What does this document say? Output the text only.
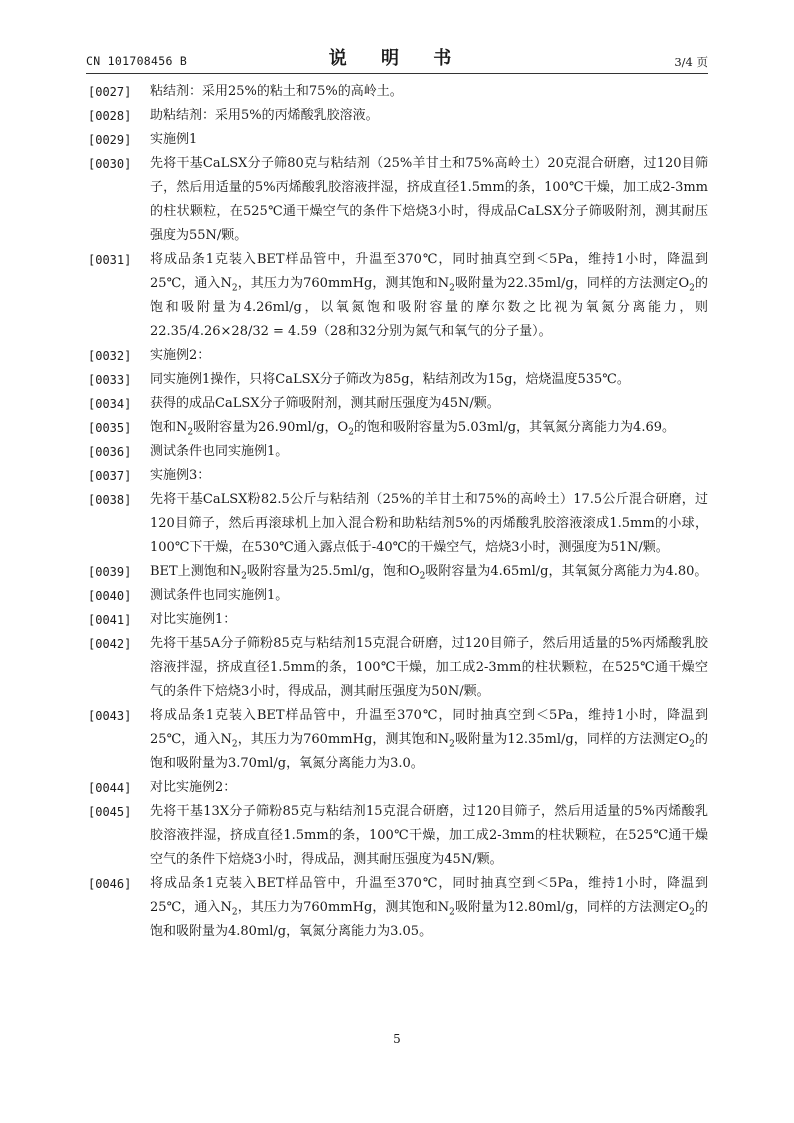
CN 101708456 B	说 明 书	3/4 页
[0027] 粘结剂：采用25%的粘土和75%的高岭土。
[0028] 助粘结剂：采用5%的丙烯酸乳胶溶液。
[0029] 实施例1
[0030] 先将干基CaLSX分子筛80克与粘结剂（25%羊甘土和75%高岭土）20克混合研磨，过120目筛子，然后用适量的5%丙烯酸乳胶溶液拌湿，挤成直径1.5mm的条，100℃干燥，加工成2-3mm的柱状颗粒，在525℃通干燥空气的条件下焙烧3小时，得成品CaLSX分子筛吸附剂，测其耐压强度为55N/颗。
[0031] 将成品条1克装入BET样品管中，升温至370℃，同时抽真空到＜5Pa，维持1小时，降温到25℃，通入$N_2$，其压力为760mmHg，测其饱和$N_2$吸附量为22.35ml/g，同样的方法测定$O_2$的饱和吸附量为4.26ml/g，以氧氮饱和吸附容量的摩尔数之比视为氧氮分离能力，则22.35/4.26×28/32 = 4.59（28和32分别为氮气和氧气的分子量）。
[0032] 实施例2：
[0033] 同实施例1操作，只将CaLSX分子筛改为85g，粘结剂改为15g，焙烧温度535℃。
[0034] 获得的成品CaLSX分子筛吸附剂，测其耐压强度为45N/颗。
[0035] 饱和$N_2$吸附容量为26.90ml/g，$O_2$的饱和吸附容量为5.03ml/g，其氧氮分离能力为4.69。
[0036] 测试条件也同实施例1。
[0037] 实施例3：
[0038] 先将干基CaLSX粉82.5公斤与粘结剂（25%的羊甘土和75%的高岭土）17.5公斤混合研磨，过120目筛子，然后再滚球机上加入混合粉和助粘结剂5%的丙烯酸乳胶溶液滚成1.5mm的小球，100℃下干燥，在530℃通入露点低于-40℃的干燥空气，焙烧3小时，测强度为51N/颗。
[0039] BET上测饱和$N_2$吸附容量为25.5ml/g，饱和$O_2$吸附容量为4.65ml/g，其氧氮分离能力为4.80。
[0040] 测试条件也同实施例1。
[0041] 对比实施例1：
[0042] 先将干基5A分子筛粉85克与粘结剂15克混合研磨，过120目筛子，然后用适量的5%丙烯酸乳胶溶液拌湿，挤成直径1.5mm的条，100℃干燥，加工成2-3mm的柱状颗粒，在525℃通干燥空气的条件下焙烧3小时，得成品，测其耐压强度为50N/颗。
[0043] 将成品条1克装入BET样品管中，升温至370℃，同时抽真空到＜5Pa，维持1小时，降温到25℃，通入$N_2$，其压力为760mmHg，测其饱和$N_2$吸附量为12.35ml/g，同样的方法测定$O_2$的饱和吸附量为3.70ml/g，氧氮分离能力为3.0。
[0044] 对比实施例2：
[0045] 先将干基13X分子筛粉85克与粘结剂15克混合研磨，过120目筛子，然后用适量的5%丙烯酸乳胶溶液拌湿，挤成直径1.5mm的条，100℃干燥，加工成2-3mm的柱状颗粒，在525℃通干燥空气的条件下焙烧3小时，得成品，测其耐压强度为45N/颗。
[0046] 将成品条1克装入BET样品管中，升温至370℃，同时抽真空到＜5Pa，维持1小时，降温到25℃，通入$N_2$，其压力为760mmHg，测其饱和$N_2$吸附量为12.80ml/g，同样的方法测定$O_2$的饱和吸附量为4.80ml/g，氧氮分离能力为3.05。
5
